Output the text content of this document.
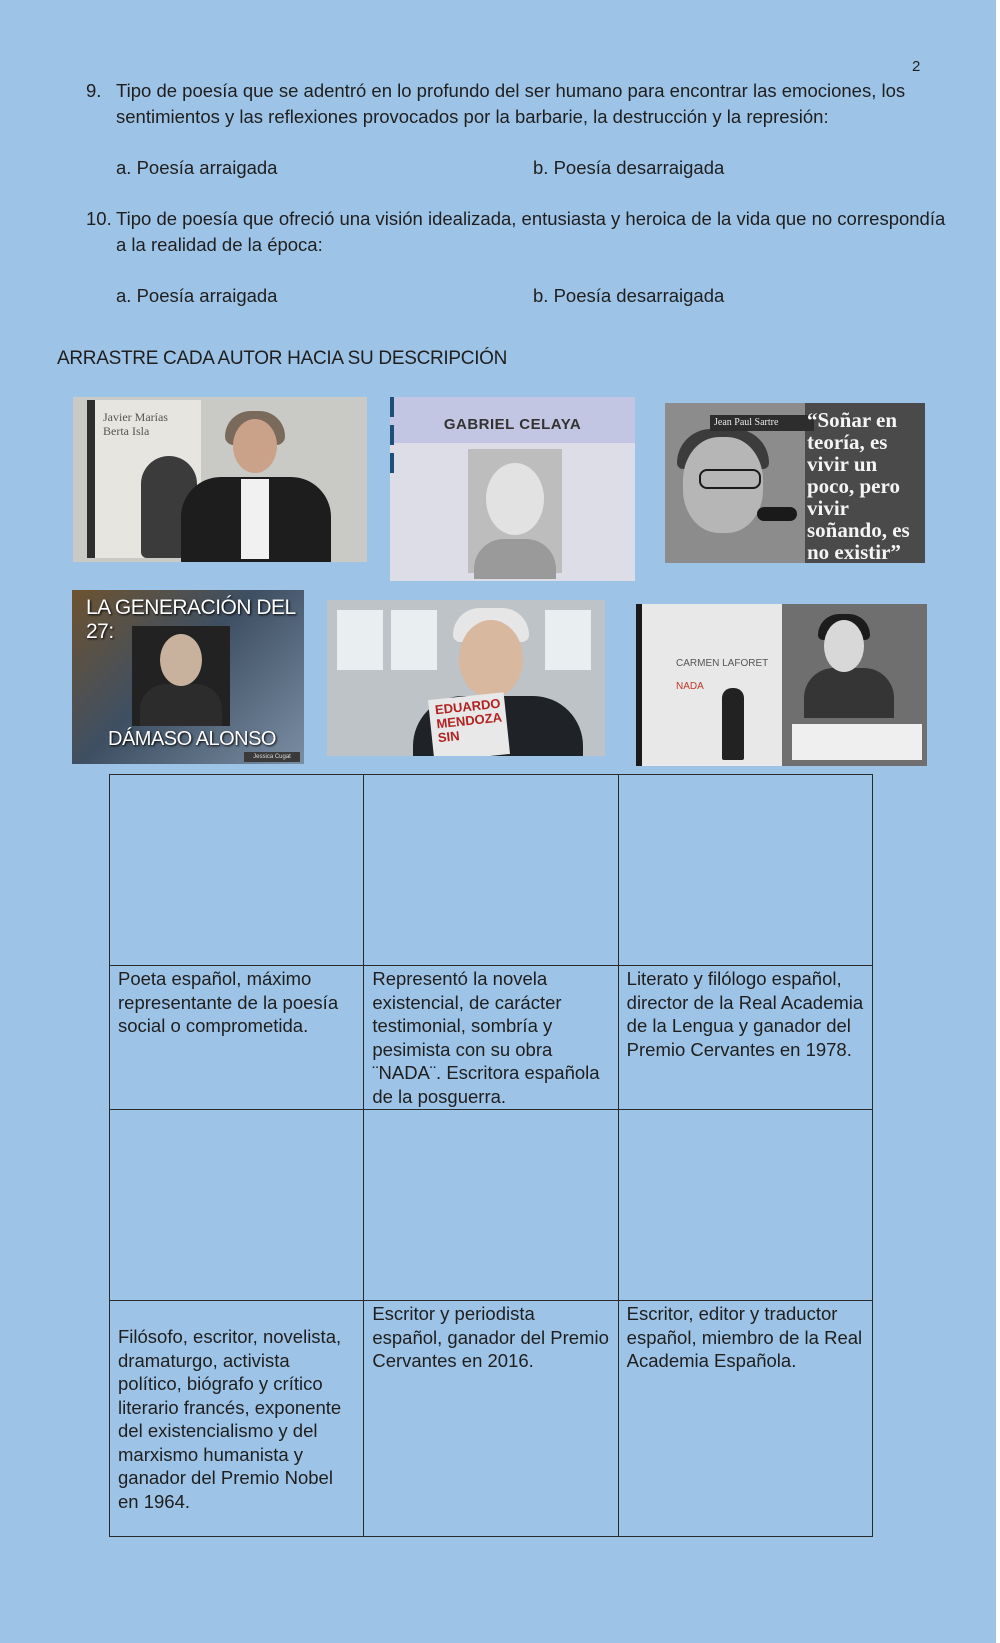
2
9. Tipo de poesía que se adentró en lo profundo del ser humano para encontrar las emociones, los sentimientos y las reflexiones provocados por la barbarie, la destrucción y la represión:
a. Poesía arraigada	b. Poesía desarraigada
10. Tipo de poesía que ofreció una visión idealizada, entusiasta y heroica de la vida que no correspondía a la realidad de la época:
a. Poesía arraigada	b. Poesía desarraigada
ARRASTRE CADA AUTOR HACIA SU DESCRIPCIÓN
Javier Marías
Berta Isla	GABRIEL CELAYA	Jean Paul Sartre	“Soñar en teoría, es vivir un poco, pero vivir soñando, es no existir”
LA GENERACIÓN DEL 27:
DÁMASO ALONSO
Jessica Cugat
EDUARDO MENDOZA SIN
CARMEN LAFORET
NADA

Poeta español, máximo representante de la poesía social o comprometida.	Representó la novela existencial, de carácter testimonial, sombría y pesimista con su obra ¨NADA¨. Escritora española de la posguerra.	Literato y filólogo español, director de la Real Academia de la Lengua y ganador del Premio Cervantes en 1978.

Filósofo, escritor, novelista, dramaturgo, activista político, biógrafo y crítico literario francés, exponente del existencialismo y del marxismo humanista y ganador del Premio Nobel en 1964.	Escritor y periodista español, ganador del Premio Cervantes en 2016.	Escritor, editor y traductor español, miembro de la Real Academia Española.
